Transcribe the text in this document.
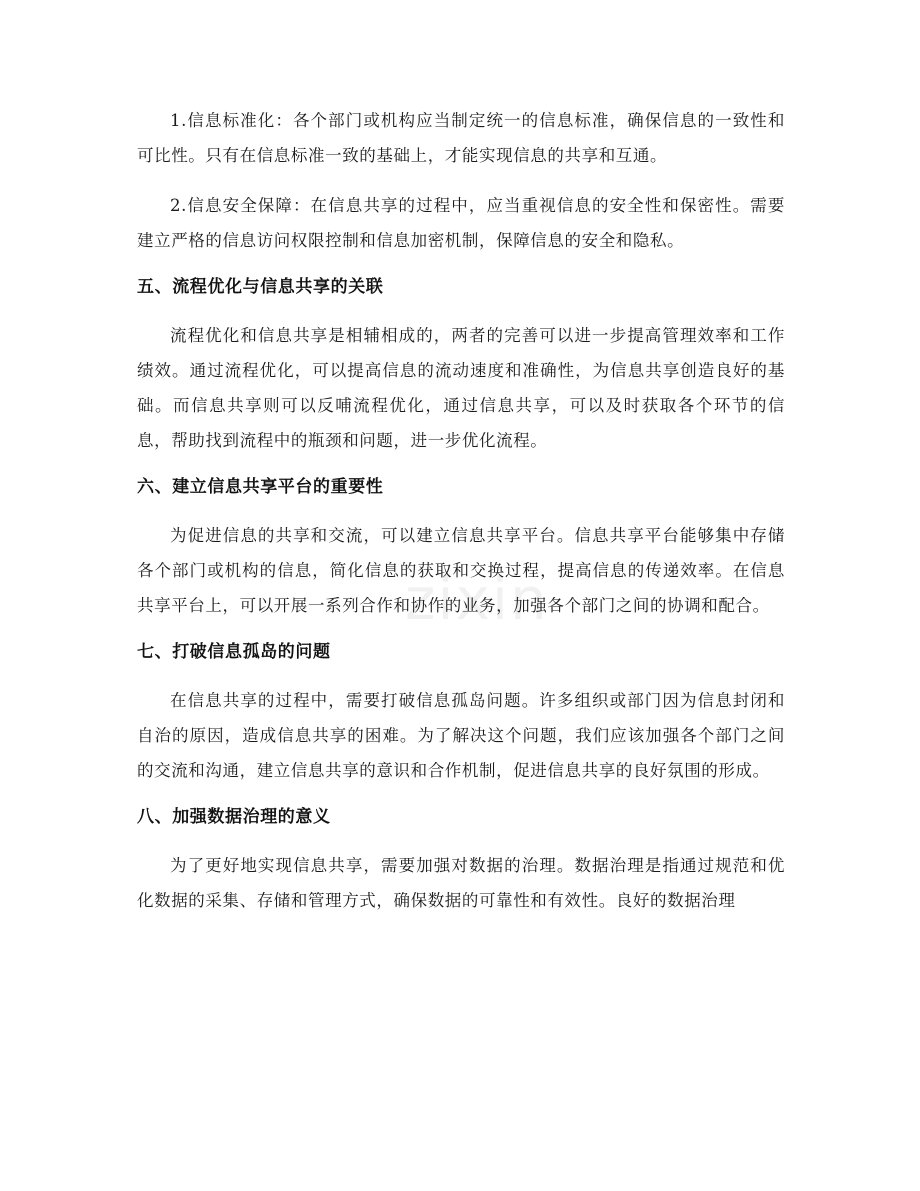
zixin

1.信息标准化：各个部门或机构应当制定统一的信息标准，确保信息的一致性和可比性。只有在信息标准一致的基础上，才能实现信息的共享和互通。

2.信息安全保障：在信息共享的过程中，应当重视信息的安全性和保密性。需要建立严格的信息访问权限控制和信息加密机制，保障信息的安全和隐私。

五、流程优化与信息共享的关联

流程优化和信息共享是相辅相成的，两者的完善可以进一步提高管理效率和工作绩效。通过流程优化，可以提高信息的流动速度和准确性，为信息共享创造良好的基础。而信息共享则可以反哺流程优化，通过信息共享，可以及时获取各个环节的信息，帮助找到流程中的瓶颈和问题，进一步优化流程。

六、建立信息共享平台的重要性

为促进信息的共享和交流，可以建立信息共享平台。信息共享平台能够集中存储各个部门或机构的信息，简化信息的获取和交换过程，提高信息的传递效率。在信息共享平台上，可以开展一系列合作和协作的业务，加强各个部门之间的协调和配合。

七、打破信息孤岛的问题

在信息共享的过程中，需要打破信息孤岛问题。许多组织或部门因为信息封闭和自治的原因，造成信息共享的困难。为了解决这个问题，我们应该加强各个部门之间的交流和沟通，建立信息共享的意识和合作机制，促进信息共享的良好氛围的形成。

八、加强数据治理的意义

为了更好地实现信息共享，需要加强对数据的治理。数据治理是指通过规范和优化数据的采集、存储和管理方式，确保数据的可靠性和有效性。良好的数据治理
